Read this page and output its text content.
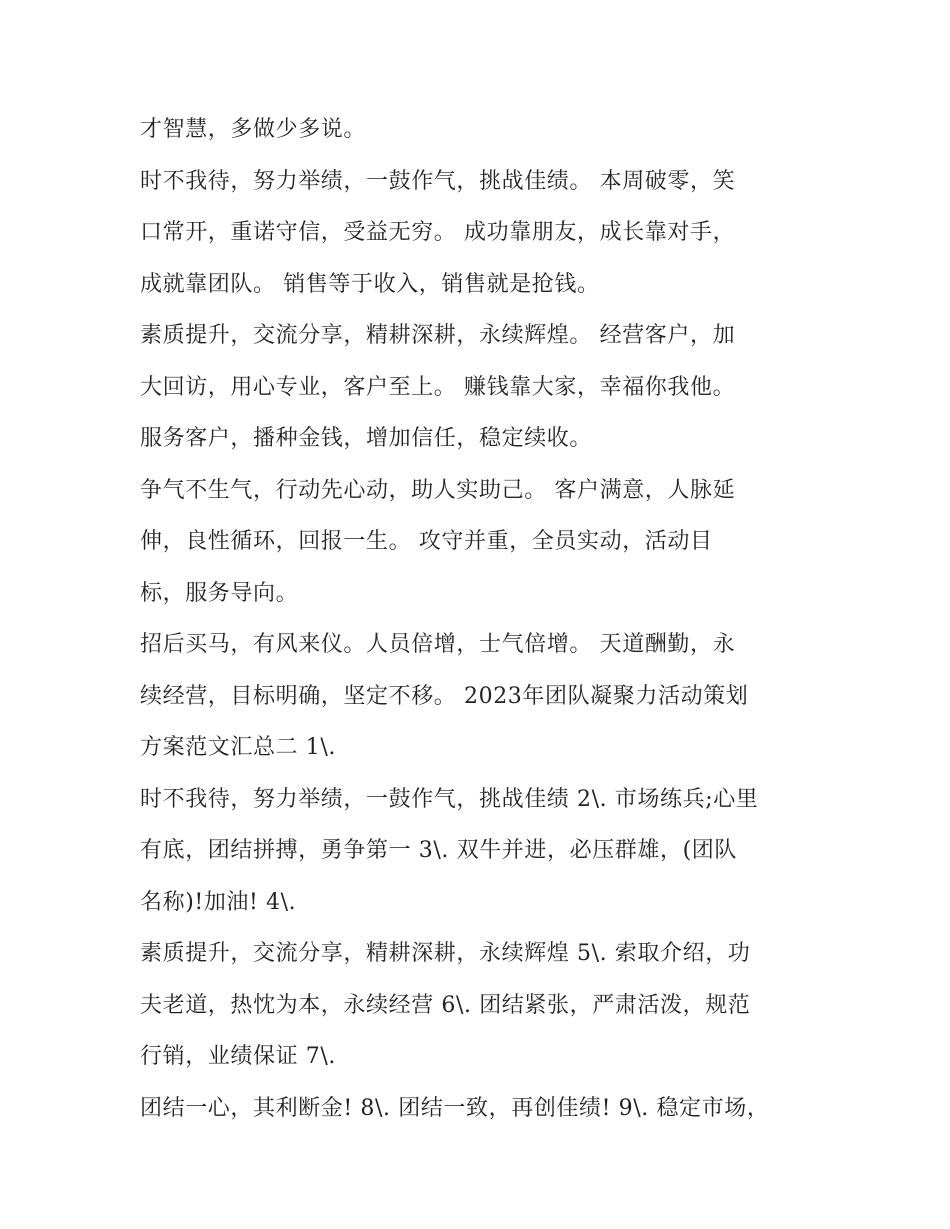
才智慧，多做少多说。

时不我待，努力举绩，一鼓作气，挑战佳绩。 本周破零，笑
口常开，重诺守信，受益无穷。 成功靠朋友，成长靠对手，
成就靠团队。 销售等于收入，销售就是抢钱。

素质提升，交流分享，精耕深耕，永续辉煌。 经营客户，加
大回访，用心专业，客户至上。 赚钱靠大家，幸福你我他。
服务客户，播种金钱，增加信任，稳定续收。

争气不生气，行动先心动，助人实助己。 客户满意，人脉延
伸，良性循环，回报一生。 攻守并重，全员实动，活动目
标，服务导向。

招后买马，有风来仪。人员倍增，士气倍增。 天道酬勤，永
续经营，目标明确，坚定不移。 2023年团队凝聚力活动策划
方案范文汇总二 1\.

时不我待，努力举绩，一鼓作气，挑战佳绩 2\. 市场练兵;心里
有底，团结拼搏，勇争第一 3\. 双牛并进，必压群雄，(团队
名称)!加油! 4\.

素质提升，交流分享，精耕深耕，永续辉煌 5\. 索取介绍，功
夫老道，热忱为本，永续经营 6\. 团结紧张，严肃活泼，规范
行销，业绩保证 7\.

团结一心，其利断金! 8\. 团结一致，再创佳绩! 9\. 稳定市场，
